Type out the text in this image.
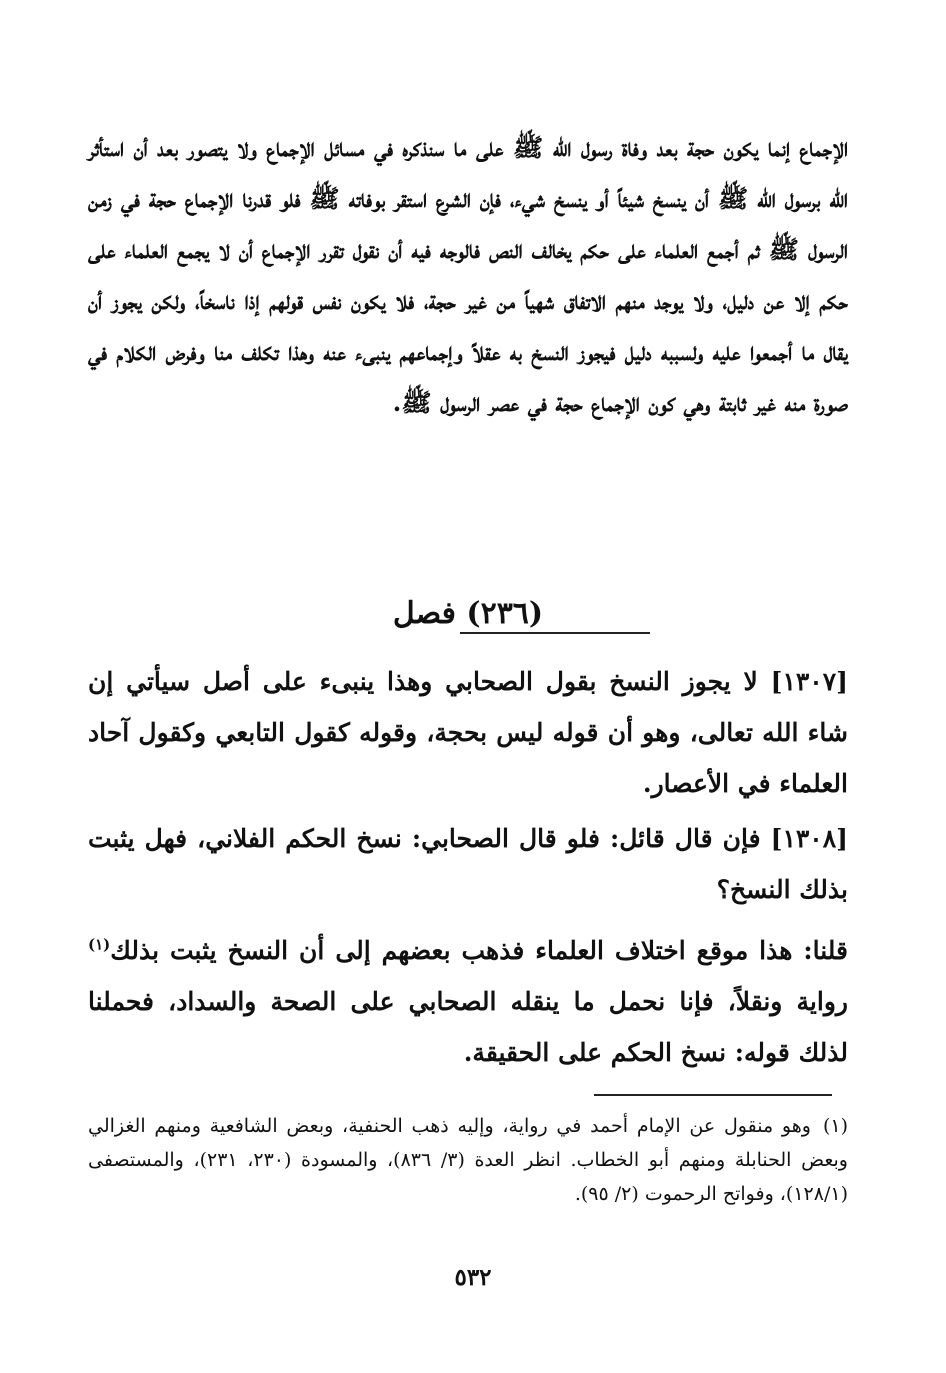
الإجماع إنما يكون حجة بعد وفاة رسول الله ﷺ على ما سنذكره في مسائل الإجماع ولا يتصور بعد أن استأثر الله برسول الله ﷺ أن ينسخ شيئاً أو ينسخ شيء، فإن الشرع استقر بوفاته ﷺ فلو قدرنا الإجماع حجة في زمن الرسول ﷺ ثم أجمع العلماء على حكم يخالف النص فالوجه فيه أن نقول تقرر الإجماع أن لا يجمع العلماء على حكم إلا عن دليل، ولا يوجد منهم الاتفاق شهياً من غير حجة، فلا يكون نفس قولهم إذا ناسخاً، ولكن يجوز أن يقال ما أجمعوا عليه ولسببه دليل فيجوز النسخ به عقلاً وإجماعهم ينبىء عنه وهذا تكلف منا وفرض الكلام في صورة منه غير ثابتة وهي كون الإجماع حجة في عصر الرسول ﷺ.

(٢٣٦) فصل

[١٣٠٧] لا يجوز النسخ بقول الصحابي وهذا ينبىء على أصل سيأتي إن شاء الله تعالى، وهو أن قوله ليس بحجة، وقوله كقول التابعي وكقول آحاد العلماء في الأعصار.

[١٣٠٨] فإن قال قائل: فلو قال الصحابي: نسخ الحكم الفلاني، فهل يثبت بذلك النسخ؟

قلنا: هذا موقع اختلاف العلماء فذهب بعضهم إلى أن النسخ يثبت بذلك$^{(١)}$ رواية ونقلاً، فإنا نحمل ما ينقله الصحابي على الصحة والسداد، فحملنا لذلك قوله: نسخ الحكم على الحقيقة.

(١)وهو منقول عن الإمام أحمد في رواية، وإليه ذهب الحنفية، وبعض الشافعية ومنهم الغزالي وبعض الحنابلة ومنهم أبو الخطاب. انظر العدة (٣/ ٨٣٦)، والمسودة (٢٣٠، ٢٣١)، والمستصفى (١٢٨/١)، وفواتح الرحموت (٢/ ٩٥).

٥٣٢
